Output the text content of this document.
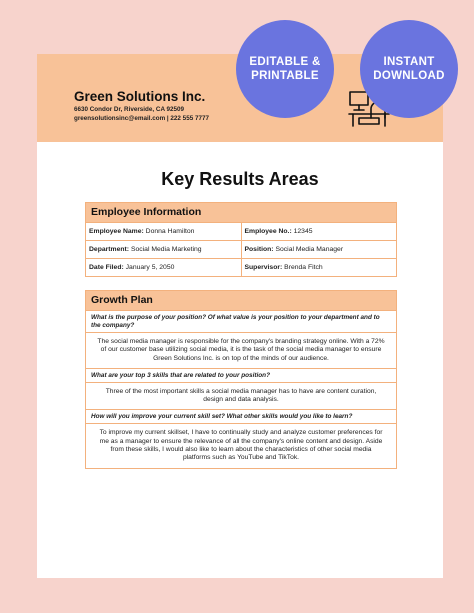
Green Solutions Inc.
6630 Condor Dr, Riverside, CA 92509
greensolutionsinc@email.com | 222 555 7777
Key Results Areas
Employee Information
Employee Name: Donna Hamilton	Employee No.: 12345
Department: Social Media Marketing	Position: Social Media Manager
Date Filed: January 5, 2050	Supervisor: Brenda Fitch
Growth Plan
What is the purpose of your position? Of what value is your position to your department and to the company?
The social media manager is responsible for the company's branding strategy online. With a 72% of our customer base utilizing social media, it is the task of the social media manager to ensure Green Solutions Inc. is on top of the minds of our audience.
What are your top 3 skills that are related to your position?
Three of the most important skills a social media manager has to have are content curation, design and data analysis.
How will you improve your current skill set? What other skills would you like to learn?
To improve my current skillset, I have to continually study and analyze customer preferences for me as a manager to ensure the relevance of all the company's online content and design. Aside from these skills, I would also like to learn about the characteristics of other social media platforms such as YouTube and TikTok.
EDITABLE & PRINTABLE
INSTANT DOWNLOAD
